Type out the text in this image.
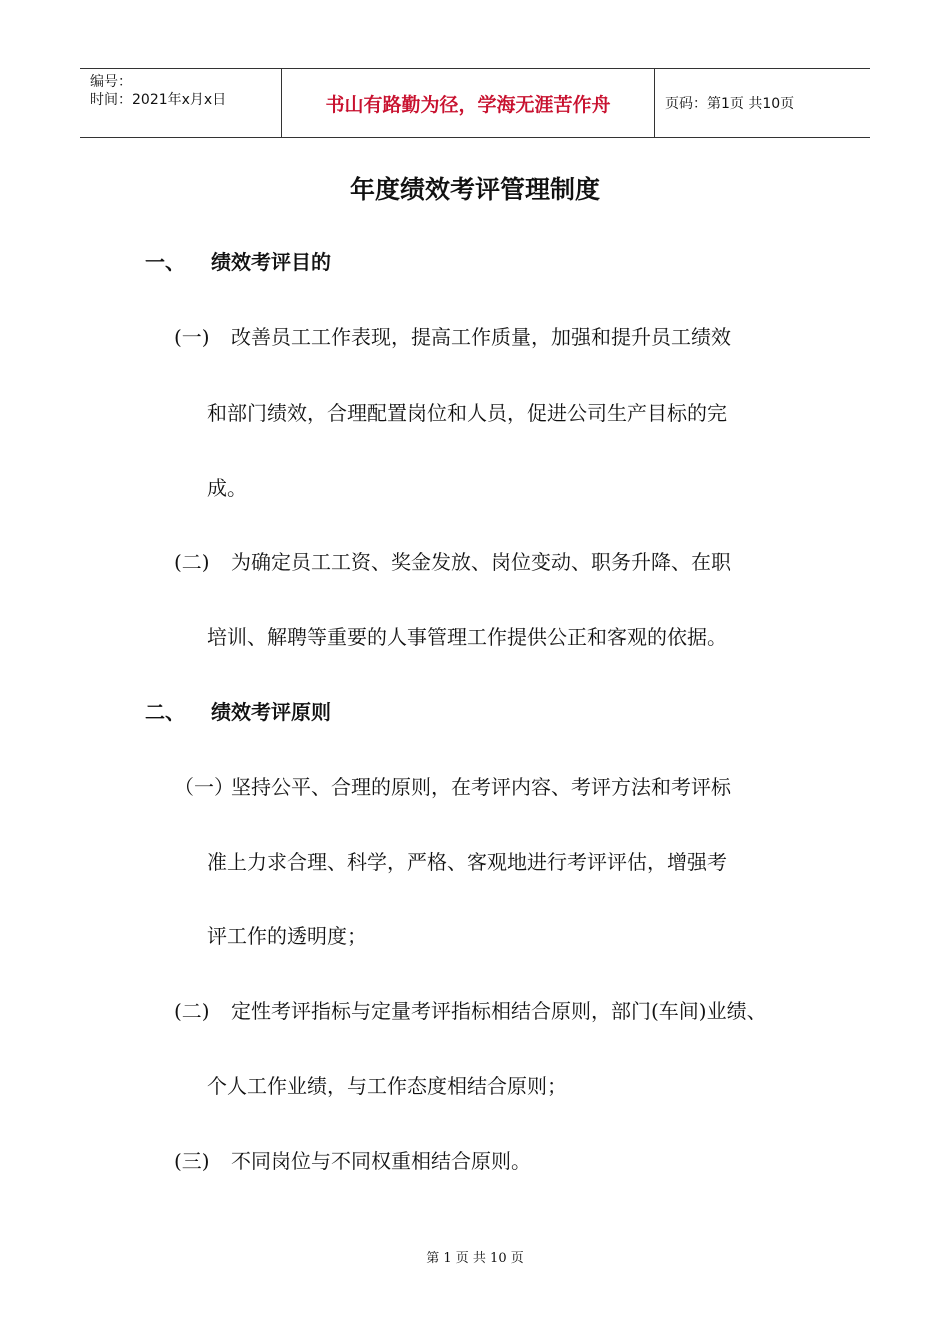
编号：
时间：2021年x月x日	书山有路勤为径，学海无涯苦作舟	页码：第1页 共10页
年度绩效考评管理制度
一、 绩效考评目的
(一) 改善员工工作表现，提高工作质量，加强和提升员工绩效
和部门绩效，合理配置岗位和人员，促进公司生产目标的完
成。
(二) 为确定员工工资、奖金发放、岗位变动、职务升降、在职
培训、解聘等重要的人事管理工作提供公正和客观的依据。
二、 绩效考评原则
（一）
坚持公平、合理的原则，在考评内容、考评方法和考评标
准上力求合理、科学，严格、客观地进行考评评估，增强考
评工作的透明度；
(二) 定性考评指标与定量考评指标相结合原则，部门(车间)业绩、
个人工作业绩，与工作态度相结合原则；
(三) 不同岗位与不同权重相结合原则。
第 1 页 共 10 页
